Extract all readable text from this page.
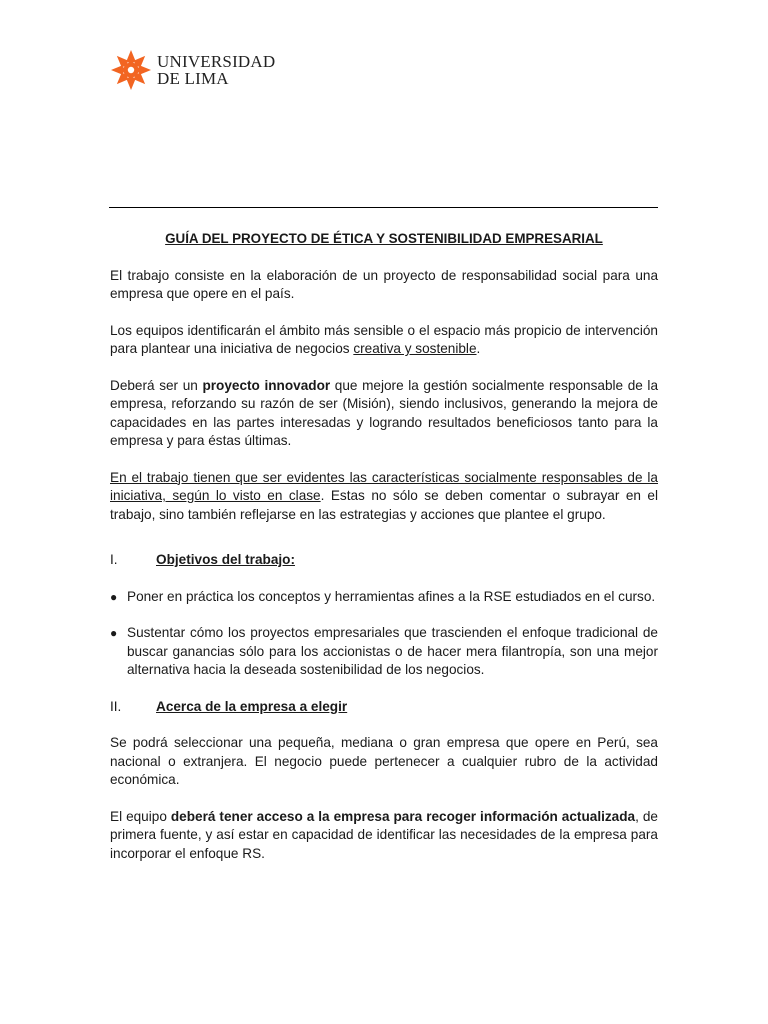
UNIVERSIDAD
DE LIMA
GUÍA DEL PROYECTO DE ÉTICA Y SOSTENIBILIDAD EMPRESARIAL

El trabajo consiste en la elaboración de un proyecto de responsabilidad social para una empresa que opere en el país.

Los equipos identificarán el ámbito más sensible o el espacio más propicio de intervención para plantear una iniciativa de negocios creativa y sostenible.

Deberá ser un proyecto innovador que mejore la gestión socialmente responsable de la empresa, reforzando su razón de ser (Misión), siendo inclusivos, generando la mejora de capacidades en las partes interesadas y logrando resultados beneficiosos tanto para la empresa y para éstas últimas.

En el trabajo tienen que ser evidentes las características socialmente responsables de la iniciativa, según lo visto en clase. Estas no sólo se deben comentar o subrayar en el trabajo, sino también reflejarse en las estrategias y acciones que plantee el grupo.

I.	Objetivos del trabajo:
● Poner en práctica los conceptos y herramientas afines a la RSE estudiados en el curso.
● Sustentar cómo los proyectos empresariales que trascienden el enfoque tradicional de buscar ganancias sólo para los accionistas o de hacer mera filantropía, son una mejor alternativa hacia la deseada sostenibilidad de los negocios.
II.	Acerca de la empresa a elegir

Se podrá seleccionar una pequeña, mediana o gran empresa que opere en Perú, sea nacional o extranjera. El negocio puede pertenecer a cualquier rubro de la actividad económica.

El equipo deberá tener acceso a la empresa para recoger información actualizada, de primera fuente, y así estar en capacidad de identificar las necesidades de la empresa para incorporar el enfoque RS.
